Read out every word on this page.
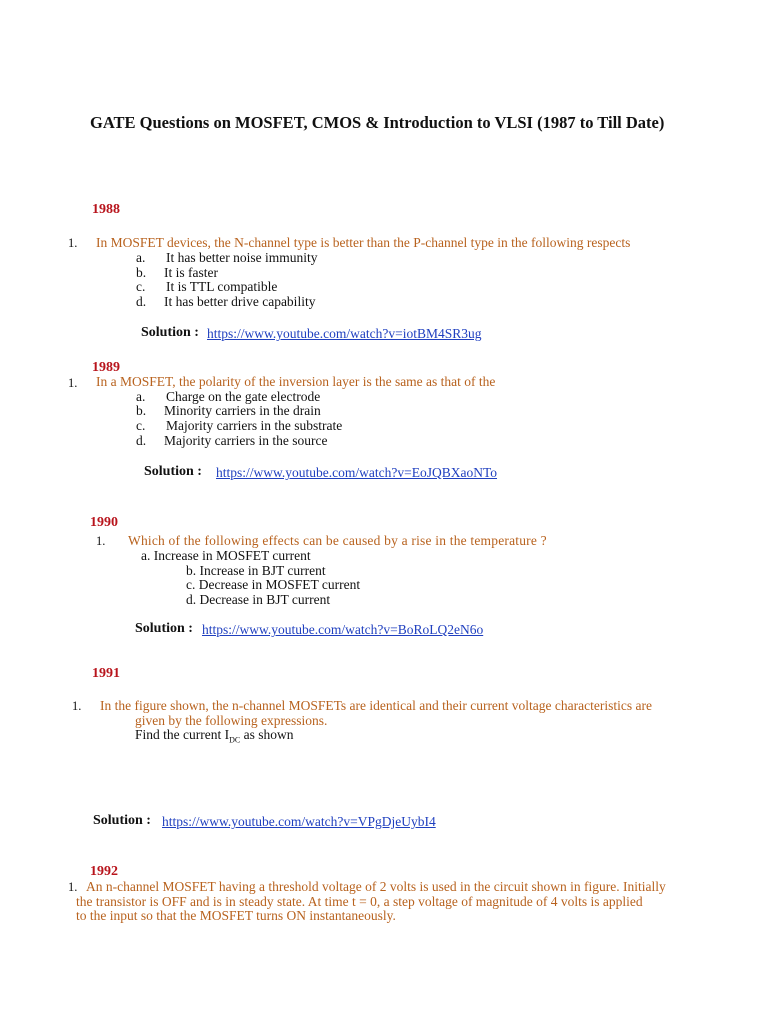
GATE Questions on MOSFET, CMOS & Introduction to VLSI (1987 to Till Date)
1988
1. In MOSFET devices, the N-channel type is better than the P-channel type in the following respects
a. It has better noise immunity
b. It is faster
c. It is TTL compatible
d. It has better drive capability
Solution : https://www.youtube.com/watch?v=iotBM4SR3ug
1989
1. In a MOSFET, the polarity of the inversion layer is the same as that of the
a. Charge on the gate electrode
b. Minority carriers in the drain
c. Majority carriers in the substrate
d. Majority carriers in the source
Solution : https://www.youtube.com/watch?v=EoJQBXaoNTo
1990
1. Which of the following effects can be caused by a rise in the temperature ?
a. Increase in MOSFET current
b. Increase in BJT current
c. Decrease in MOSFET current
d. Decrease in BJT current
Solution : https://www.youtube.com/watch?v=BoRoLQ2eN6o
1991
1. In the figure shown, the n-channel MOSFETs are identical and their current voltage characteristics are
given by the following expressions.
Find the current $I_{DC}$ as shown
Solution : https://www.youtube.com/watch?v=VPgDjeUybI4
1992
1. An n-channel MOSFET having a threshold voltage of 2 volts is used in the circuit shown in figure. Initially
the transistor is OFF and is in steady state. At time t = 0, a step voltage of magnitude of 4 volts is applied
to the input so that the MOSFET turns ON instantaneously.
